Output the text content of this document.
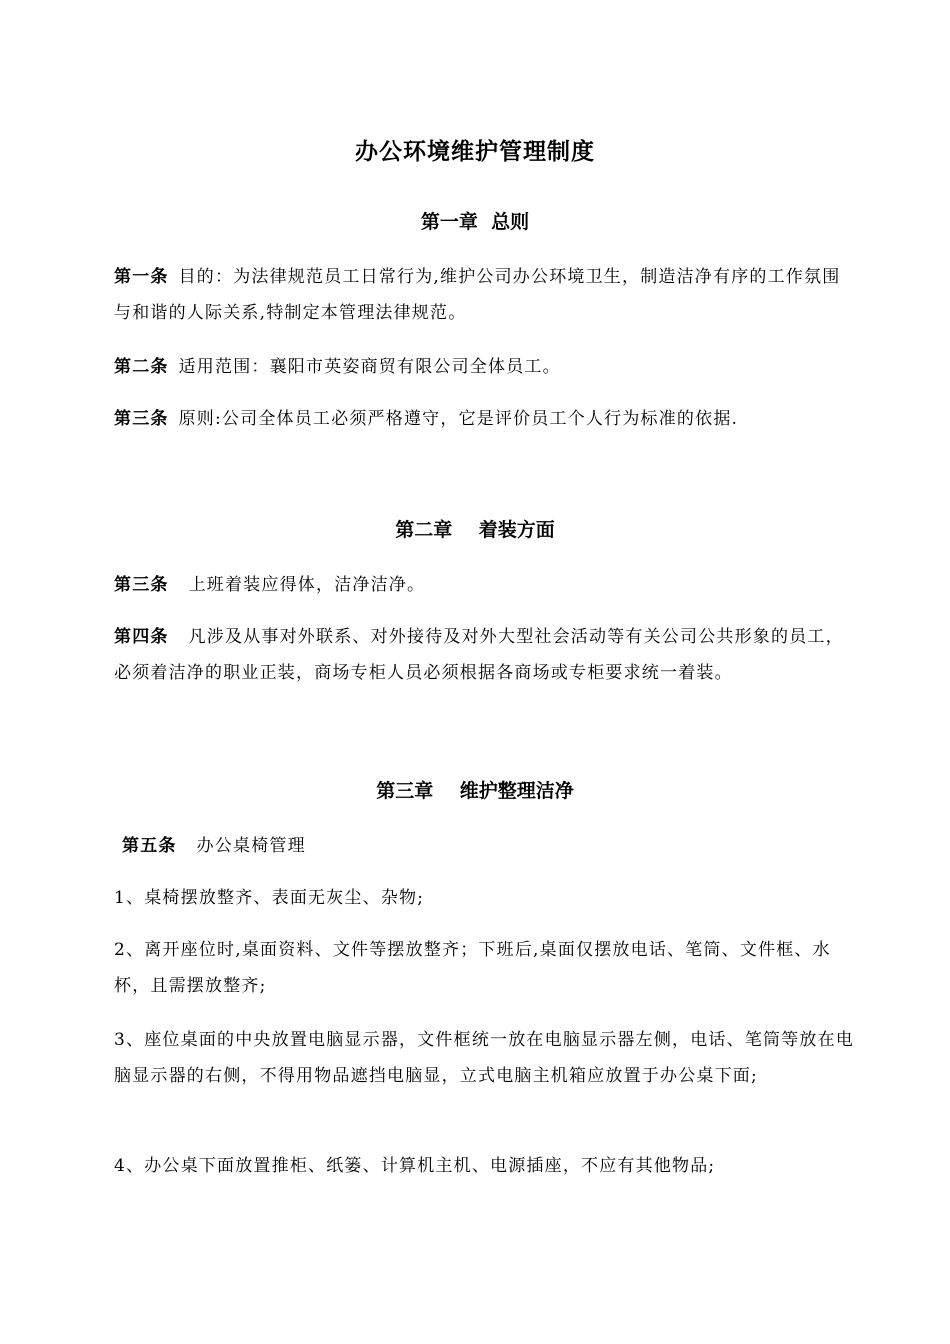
办公环境维护管理制度
第一章  总则

第一条 目的：为法律规范员工日常行为,维护公司办公环境卫生，制造洁净有序的工作氛围与和谐的人际关系,特制定本管理法律规范。

第二条 适用范围：襄阳市英姿商贸有限公司全体员工。

第三条 原则:公司全体员工必须严格遵守，它是评价员工个人行为标准的依据.

第二章    着装方面

第三条 上班着装应得体，洁净洁净。

第四条 凡涉及从事对外联系、对外接待及对外大型社会活动等有关公司公共形象的员工，必须着洁净的职业正装，商场专柜人员必须根据各商场或专柜要求统一着装。

第三章    维护整理洁净

第五条 办公桌椅管理

1、桌椅摆放整齐、表面无灰尘、杂物;

2、离开座位时,桌面资料、文件等摆放整齐；下班后,桌面仅摆放电话、笔筒、文件框、水杯，且需摆放整齐;

3、座位桌面的中央放置电脑显示器，文件框统一放在电脑显示器左侧，电话、笔筒等放在电脑显示器的右侧，不得用物品遮挡电脑显，立式电脑主机箱应放置于办公桌下面;

4、办公桌下面放置推柜、纸篓、计算机主机、电源插座，不应有其他物品;
